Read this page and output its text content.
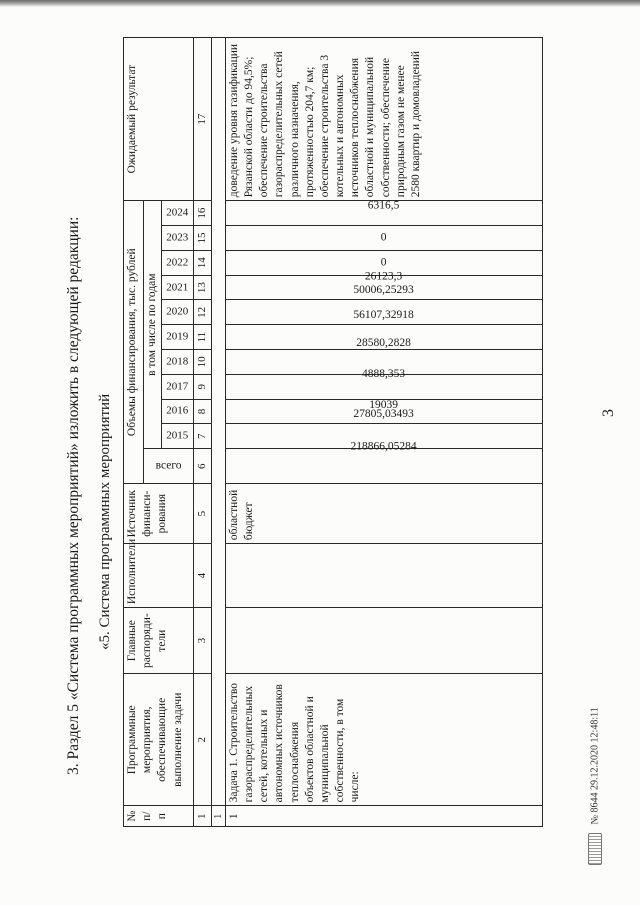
3
3. Раздел 5 «Система программных мероприятий» изложить в следующей редакции: «5. Система программных мероприятий
№ п/п	Программные мероприятия, обеспечивающие выполнение задачи	Главные распоряди-тели	Исполнители	Источник финанси-рования	Объемы финансирования, тыс. рублей											Ожидаемый результат
					всего	в том числе по годам										
						2015	2016	2017	2018	2019	2020	2021	2022	2023	2024	
1	2	3	4	5	6	7	8	9	10	11	12	13	14	15	16	17
1																
1	Задача 1. Строительство газораспределительных сетей, котельных и автономных источников теплоснабжения объектов областной и муниципальной собственности, в том числе:			областной бюджет	218866,05284	27805,03493	19039	4888,353	28580,2828	56107,32918	50006,25293	26123,3	0	0	6316,5	доведение уровня газификации Рязанской области до 94,5%; обеспечение строительства газораспределительных сетей различного назначения, протяженностью 204,7 км; обеспечение строительства 3 котельных и автономных источников теплоснабжения областной и муниципальной собственности; обеспечение природным газом не менее 2580 квартир и домовладений
№ 8644 29.12.2020 12:48:11
